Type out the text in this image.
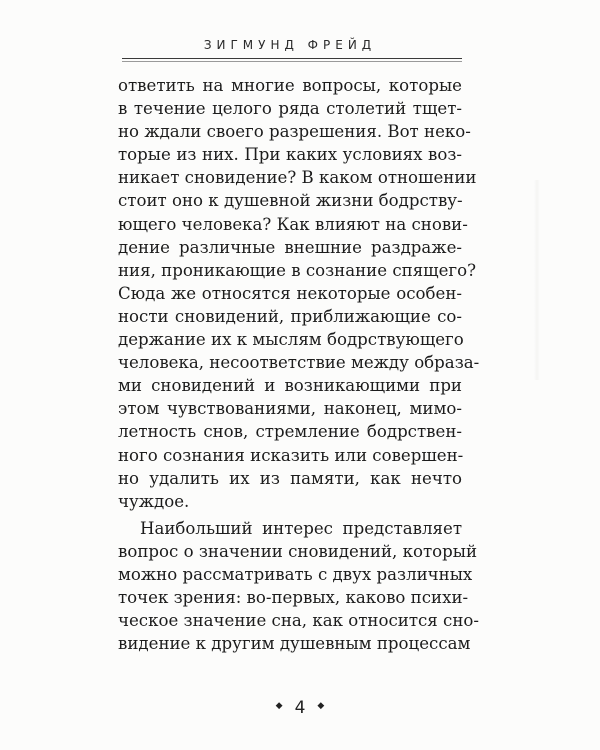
ЗИГМУНД ФРЕЙД
ответить на многие вопросы, которые
в течение целого ряда столетий тщет-
но ждали своего разрешения. Вот неко-
торые из них. При каких условиях воз-
никает сновидение? В каком отношении
стоит оно к душевной жизни бодрству-
ющего человека? Как влияют на снови-
дение различные внешние раздраже-
ния, проникающие в сознание спящего?
Сюда же относятся некоторые особен-
ности сновидений, приближающие со-
держание их к мыслям бодрствующего
человека, несоответствие между образа-
ми сновидений и возникающими при
этом чувствованиями, наконец, мимо-
летность снов, стремление бодрствен-
ного сознания исказить или совершен-
но удалить их из памяти, как нечто
чуждое.
Наибольший интерес представляет
вопрос о значении сновидений, который
можно рассматривать с двух различных
точек зрения: во-первых, каково психи-
ческое значение сна, как относится сно-
видение к другим душевным процессам
◆ 4 ◆
